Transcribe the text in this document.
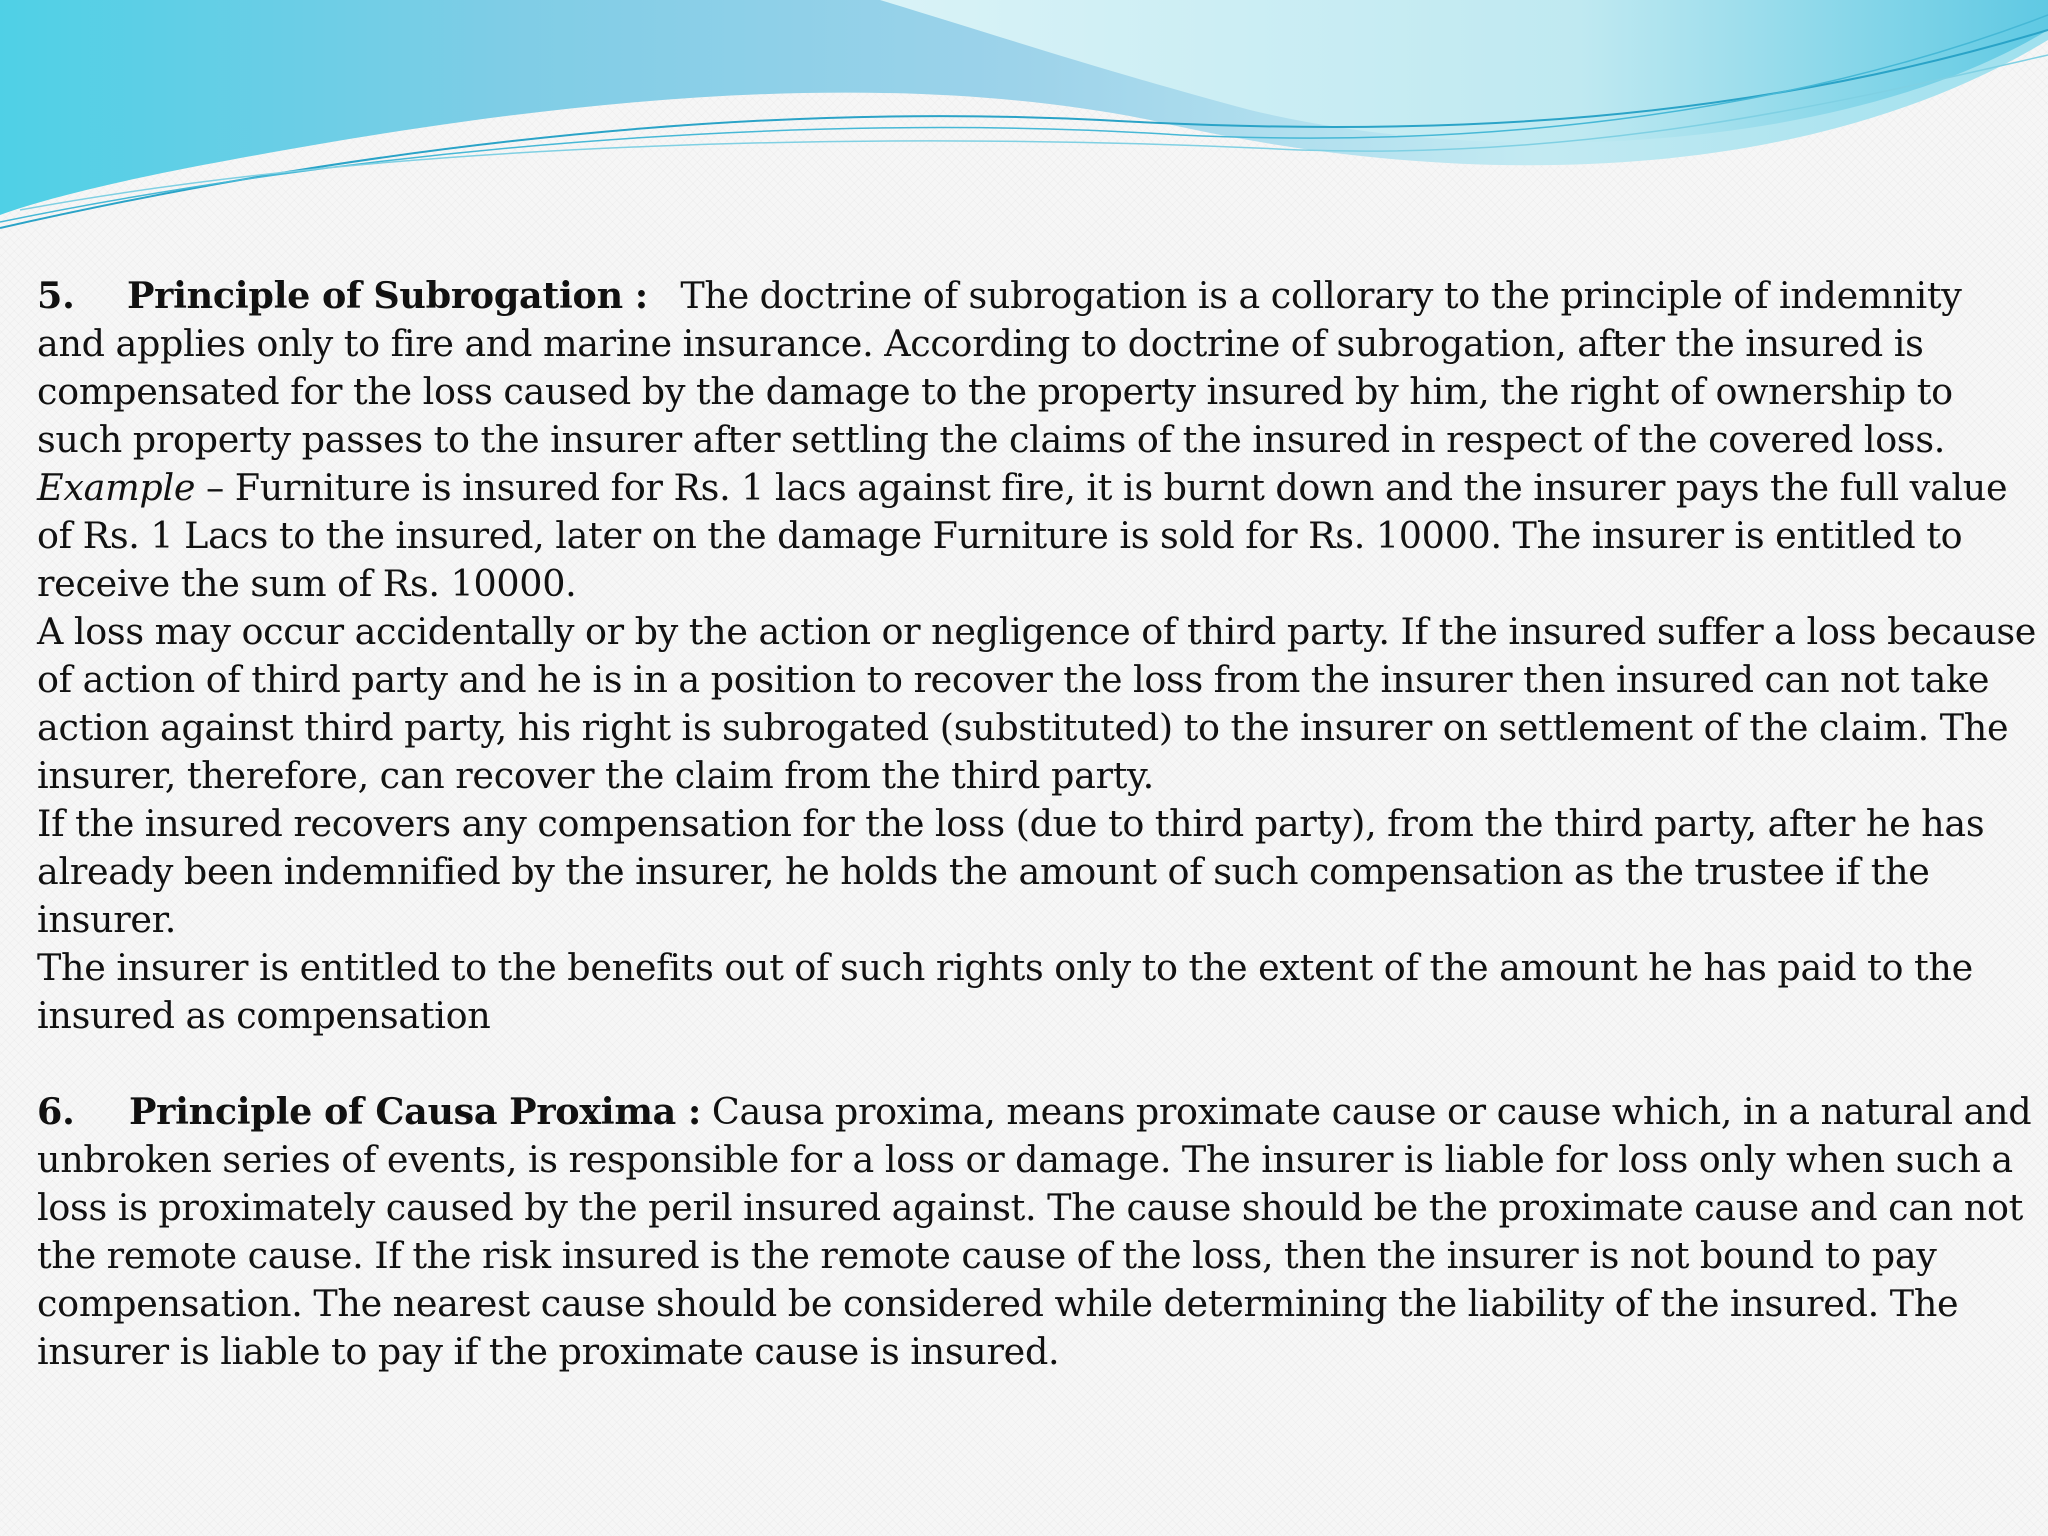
5. Principle of Subrogation : The doctrine of subrogation is a collorary to the principle of indemnity and applies only to fire and marine insurance. According to doctrine of subrogation, after the insured is compensated for the loss caused by the damage to the property insured by him, the right of ownership to such property passes to the insurer after settling the claims of the insured in respect of the covered loss.

Example – Furniture is insured for Rs. 1 lacs against fire, it is burnt down and the insurer pays the full value of Rs. 1 Lacs to the insured, later on the damage Furniture is sold for Rs. 10000. The insurer is entitled to receive the sum of Rs. 10000.

A loss may occur accidentally or by the action or negligence of third party. If the insured suffer a loss because of action of third party and he is in a position to recover the loss from the insurer then insured can not take action against third party, his right is subrogated (substituted) to the insurer on settlement of the claim. The insurer, therefore, can recover the claim from the third party.

If the insured recovers any compensation for the loss (due to third party), from the third party, after he has already been indemnified by the insurer, he holds the amount of such compensation as the trustee if the insurer.

The insurer is entitled to the benefits out of such rights only to the extent of the amount he has paid to the insured as compensation

6. Principle of Causa Proxima : Causa proxima, means proximate cause or cause which, in a natural and unbroken series of events, is responsible for a loss or damage. The insurer is liable for loss only when such a loss is proximately caused by the peril insured against. The cause should be the proximate cause and can not the remote cause. If the risk insured is the remote cause of the loss, then the insurer is not bound to pay compensation. The nearest cause should be considered while determining the liability of the insured. The insurer is liable to pay if the proximate cause is insured.
